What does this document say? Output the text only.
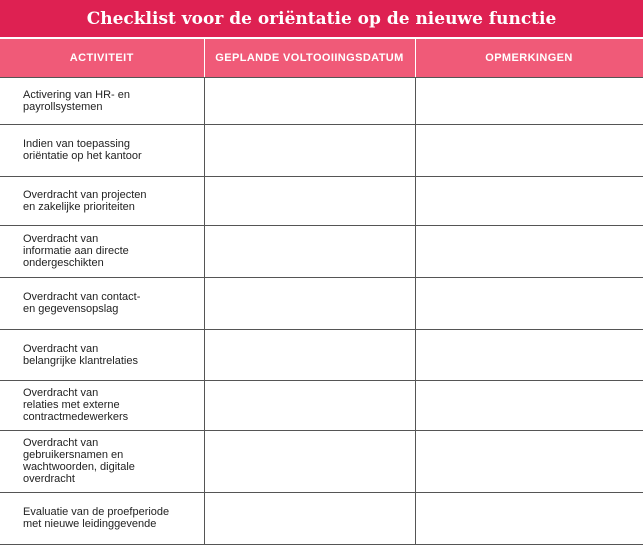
Checklist voor de oriëntatie op de nieuwe functie
ACTIVITEIT	GEPLANDE VOLTOOIINGSDATUM	OPMERKINGEN

Activering van HR- en
payrollsystemen		

Indien van toepassing
oriëntatie op het kantoor		

Overdracht van projecten
en zakelijke prioriteiten		

Overdracht van
informatie aan directe
ondergeschikten		

Overdracht van contact-
en gegevensopslag		

Overdracht van
belangrijke klantrelaties		

Overdracht van
relaties met externe
contractmedewerkers		

Overdracht van
gebruikersnamen en
wachtwoorden, digitale
overdracht		

Evaluatie van de proefperiode
met nieuwe leidinggevende		
